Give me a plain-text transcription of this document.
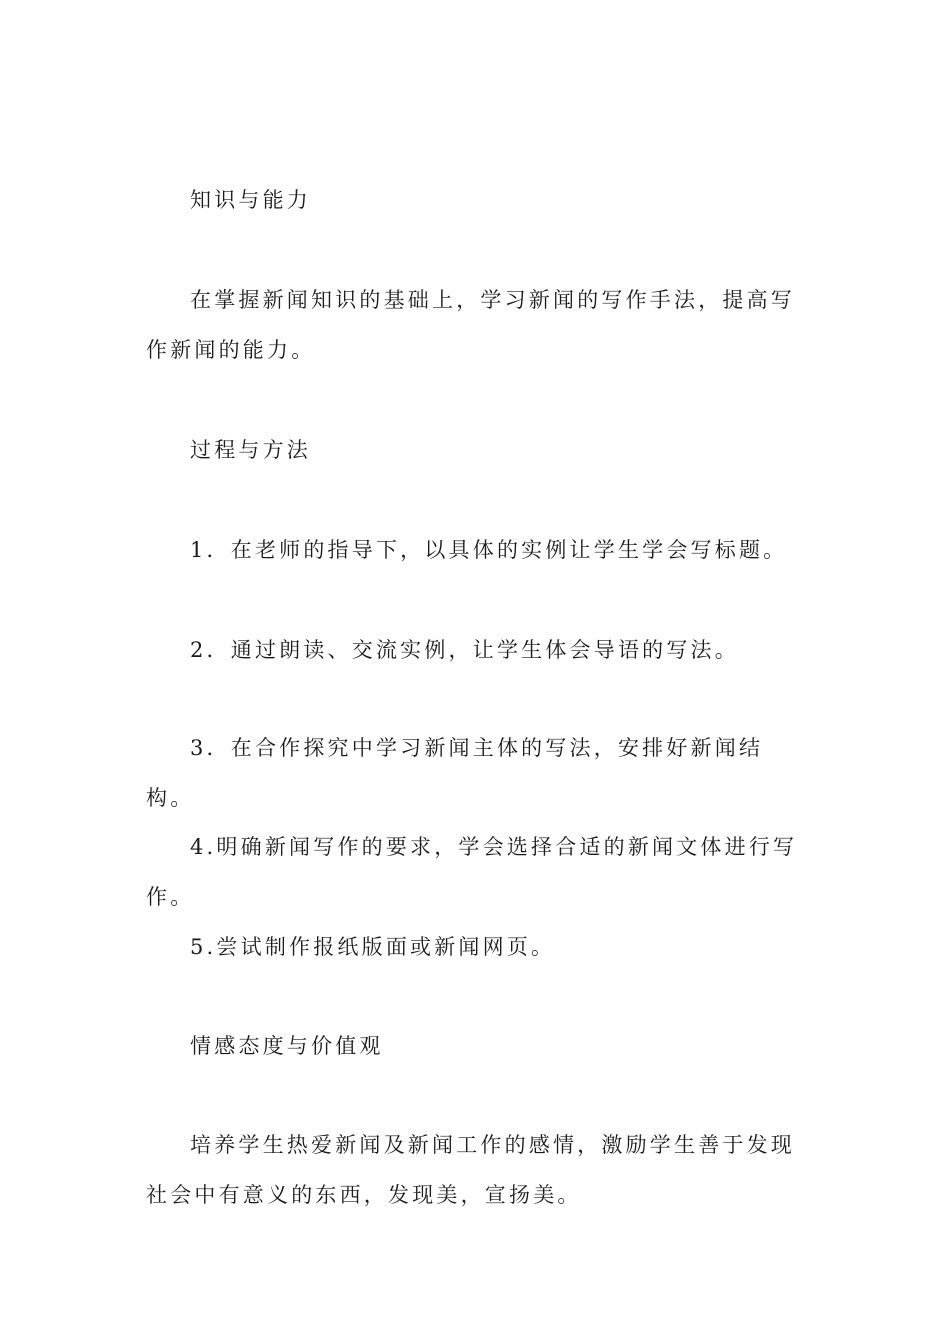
知识与能力
在掌握新闻知识的基础上，学习新闻的写作手法，提高写作新闻的能力。
过程与方法
1．在老师的指导下，以具体的实例让学生学会写标题。
2．通过朗读、交流实例，让学生体会导语的写法。
3．在合作探究中学习新闻主体的写法，安排好新闻结构。
4.明确新闻写作的要求，学会选择合适的新闻文体进行写作。
5.尝试制作报纸版面或新闻网页。
情感态度与价值观
培养学生热爱新闻及新闻工作的感情，激励学生善于发现社会中有意义的东西，发现美，宣扬美。
